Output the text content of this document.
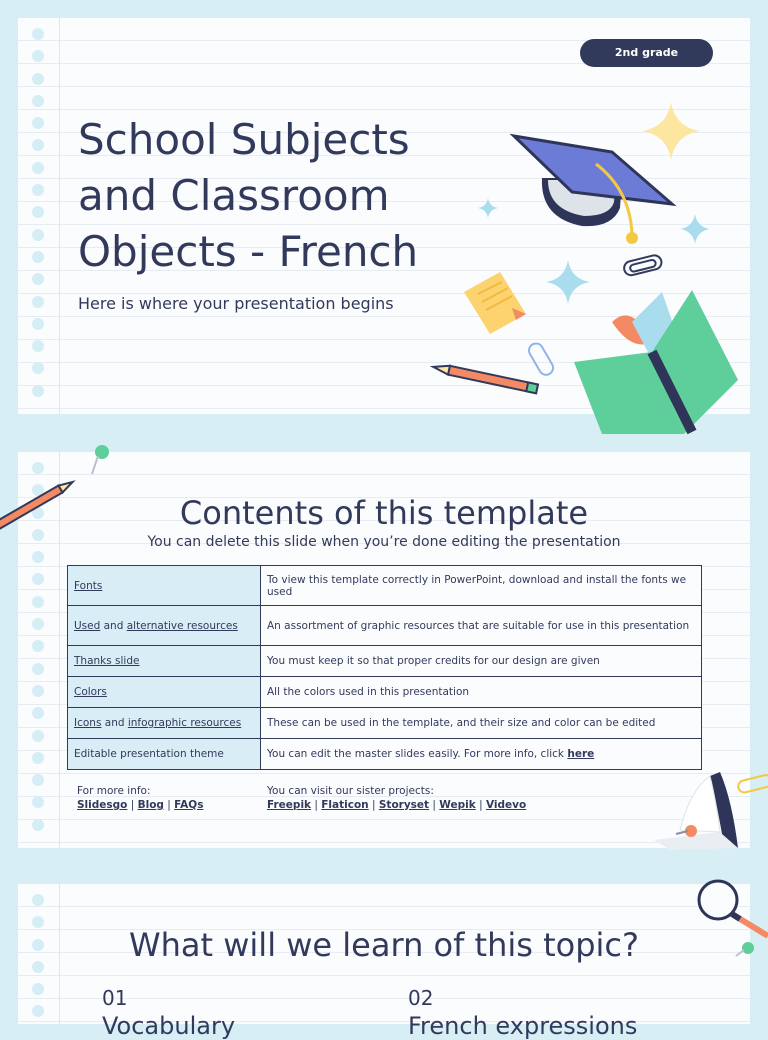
2nd grade
School Subjects and Classroom Objects - French
Here is where your presentation begins
Contents of this template
You can delete this slide when you’re done editing the presentation
Fonts	To view this template correctly in PowerPoint, download and install the fonts we used
Used and alternative resources	An assortment of graphic resources that are suitable for use in this presentation
Thanks slide	You must keep it so that proper credits for our design are given
Colors	All the colors used in this presentation
Icons and infographic resources	These can be used in the template, and their size and color can be edited
Editable presentation theme	You can edit the master slides easily. For more info, click here
For more info:
Slidesgo | Blog | FAQs
You can visit our sister projects:
Freepik | Flaticon | Storyset | Wepik | Videvo
What will we learn of this topic?
01
Vocabulary
02
French expressions
